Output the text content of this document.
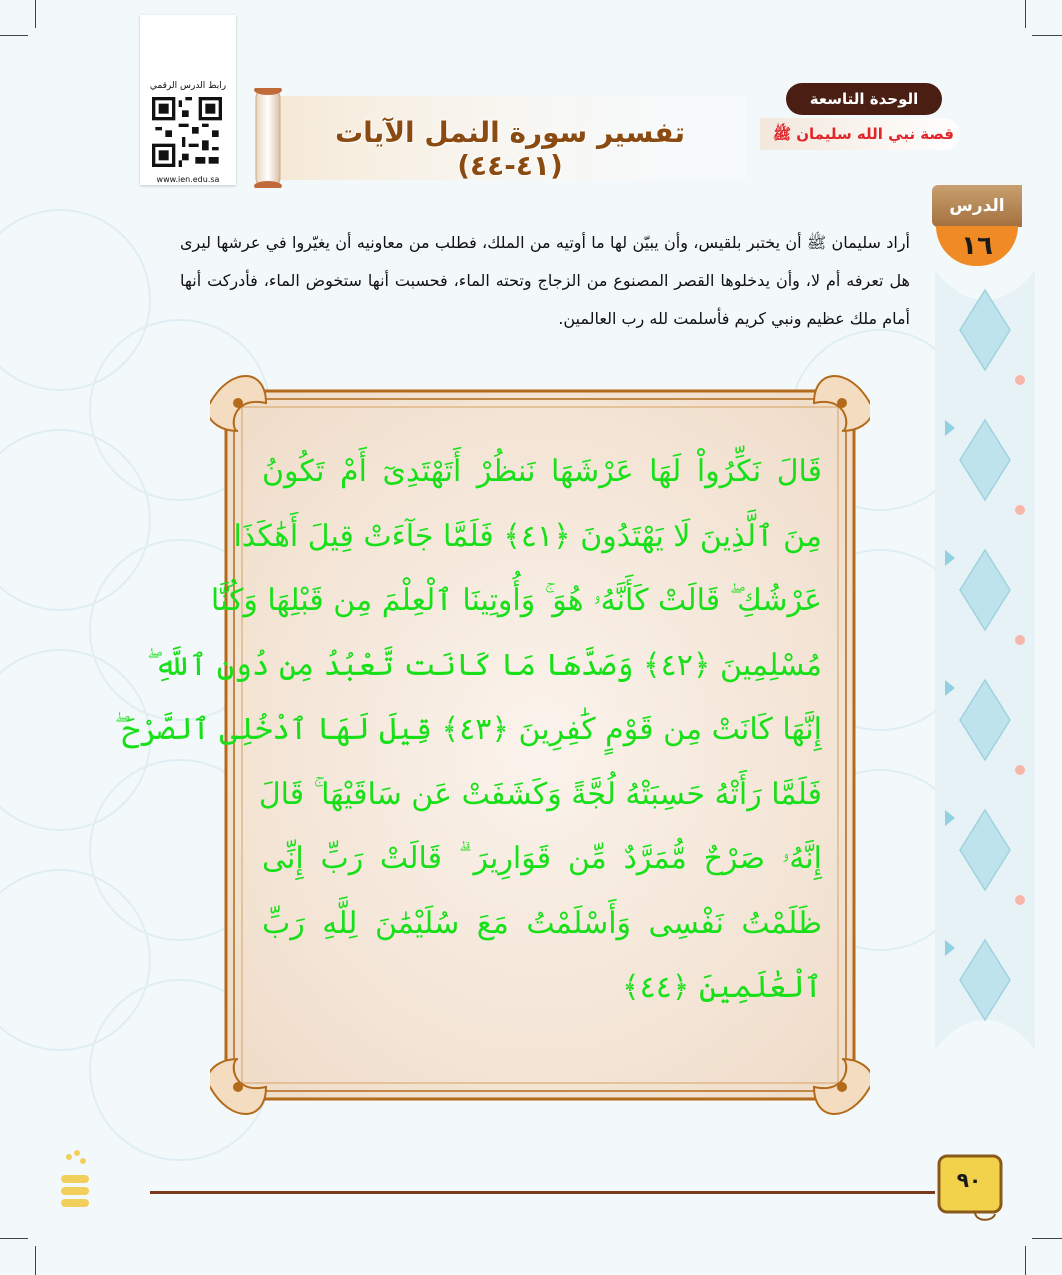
رابط الدرس الرقمي
www.ien.edu.sa
تفسير سورة النمل الآيات (٤١-٤٤)
الوحدة التاسعة
قصة نبي الله سليمان ﷺ
الدرس
١٦
أراد سليمان ﷺ أن يختبر بلقيس، وأن يبيّن لها ما أوتيه من الملك، فطلب من معاونيه أن يغيّروا في عرشها ليرى هل تعرفه أم لا، وأن يدخلوها القصر المصنوع من الزجاج وتحته الماء، فحسبت أنها ستخوض الماء، فأدركت أنها أمام ملك عظيم ونبي كريم فأسلمت لله رب العالمين.
قَالَ نَكِّرُواْ لَهَا عَرْشَهَا نَنظُرْ أَتَهْتَدِىٓ أَمْ تَكُونُ
مِنَ ٱلَّذِينَ لَا يَهْتَدُونَ ﴿٤١﴾ فَلَمَّا جَآءَتْ قِيلَ أَهَٰكَذَا
عَرْشُكِ ۖ قَالَتْ كَأَنَّهُۥ هُوَ ۚ وَأُوتِينَا ٱلْعِلْمَ مِن قَبْلِهَا وَكُنَّا
مُسْلِمِينَ ﴿٤٢﴾ وَصَدَّهَا مَا كَانَت تَّعْبُدُ مِن دُونِ ٱللَّهِ ۖ
إِنَّهَا كَانَتْ مِن قَوْمٍ كَٰفِرِينَ ﴿٤٣﴾ قِيلَ لَهَا ٱدْخُلِى ٱلصَّرْحَ ۖ
فَلَمَّا رَأَتْهُ حَسِبَتْهُ لُجَّةً وَكَشَفَتْ عَن سَاقَيْهَا ۚ قَالَ
إِنَّهُۥ صَرْحٌ مُّمَرَّدٌ مِّن قَوَارِيرَ ۗ قَالَتْ رَبِّ إِنِّى
ظَلَمْتُ نَفْسِى وَأَسْلَمْتُ مَعَ سُلَيْمَٰنَ لِلَّهِ رَبِّ
ٱلْعَٰلَمِينَ ﴿٤٤﴾
٩٠
